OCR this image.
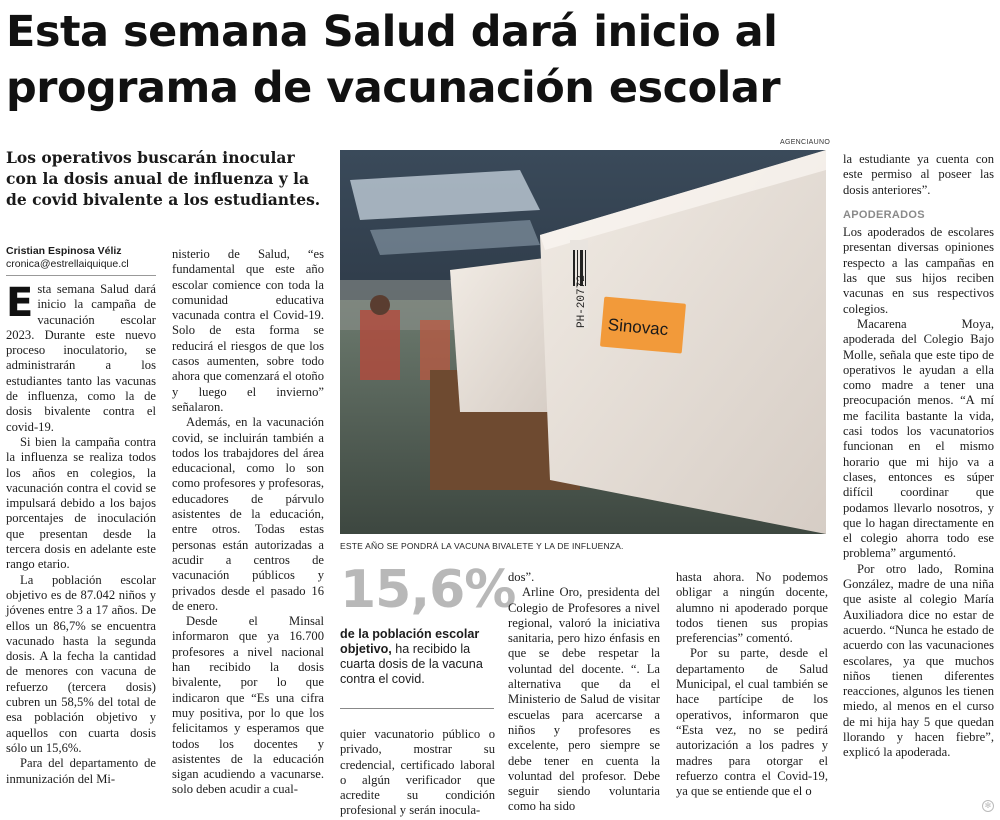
Esta semana Salud dará inicio al
programa de vacunación escolar

Los operativos buscarán inocular con la dosis anual de influenza y la de covid bivalente a los estudiantes.

Cristian Espinosa Véliz
cronica@estrellaiquique.cl

Esta semana Salud dará inicio la campaña de vacunación escolar 2023. Durante este nuevo proceso inoculatorio, se administrarán a los estudiantes tanto las vacunas de influenza, como la de dosis bivalente contra el covid-19.

Si bien la campaña contra la influenza se realiza todos los años en colegios, la vacunación contra el covid se impulsará debido a los bajos porcentajes de inoculación que presentan desde la tercera dosis en adelante este rango etario.

La población escolar objetivo es de 87.042 niños y jóvenes entre 3 a 17 años. De ellos un 86,7% se encuentra vacunado hasta la segunda dosis. A la fecha la cantidad de menores con vacuna de refuerzo (tercera dosis) cubren un 58,5% del total de esa población objetivo y aquellos con cuarta dosis sólo un 15,6%.

Para del departamento de inmunización del Mi-

nisterio de Salud, “es fundamental que este año escolar comience con toda la comunidad educativa vacunada contra el Covid-19. Solo de esta forma se reducirá el riesgos de que los casos aumenten, sobre todo ahora que comenzará el otoño y luego el invierno” señalaron.

Además, en la vacunación covid, se incluirán también a todos los trabajdores del área educacional, como lo son como profesores y profesoras, educadores de párvulo asistentes de la educación, entre otros. Todas estas personas están autorizadas a acudir a centros de vacunación públicos y privados desde el pasado 16 de enero.

Desde el Minsal informaron que ya 16.700 profesores a nivel nacional han recibido la dosis bivalente, por lo que indicaron que “Es una cifra muy positiva, por lo que los felicitamos y esperamos que todos los docentes y asistentes de la educación sigan acudiendo a vacunarse. solo deben acudir a cual-

AGENCIAUNO
PH-20772 Sinovac
ESTE AÑO SE PONDRÁ LA VACUNA BIVALETE Y LA DE INFLUENZA.
15,6%
de la población escolar objetivo, ha recibido la cuarta dosis de la vacuna contra el covid.

quier vacunatorio público o privado, mostrar su credencial, certificado laboral o algún verificador que acredite su condición profesional y serán inocula-

dos”.

Arline Oro, presidenta del Colegio de Profesores a nivel regional, valoró la iniciativa sanitaria, pero hizo énfasis en que se debe respetar la voluntad del docente. “. La alternativa que da el Ministerio de Salud de visitar escuelas para acercarse a niños y profesores es excelente, pero siempre se debe tener en cuenta la voluntad del profesor. Debe seguir siendo voluntaria como ha sido

hasta ahora. No podemos obligar a ningún docente, alumno ni apoderado porque todos tienen sus propias preferencias” comentó.

Por su parte, desde el departamento de Salud Municipal, el cual también se hace partícipe de los operativos, informaron que “Esta vez, no se pedirá autorización a los padres y madres para otorgar el refuerzo contra el Covid-19, ya que se entiende que el o

la estudiante ya cuenta con este permiso al poseer las dosis anteriores”.

APODERADOS

Los apoderados de escolares presentan diversas opiniones respecto a las campañas en las que sus hijos reciben vacunas en sus respectivos colegios.

Macarena Moya, apoderada del Colegio Bajo Molle, señala que este tipo de operativos le ayudan a ella como madre a tener una preocupación menos. “A mí me facilita bastante la vida, casi todos los vacunatorios funcionan en el mismo horario que mi hijo va a clases, entonces es súper difícil coordinar que podamos llevarlo nosotros, y que lo hagan directamente en el colegio ahorra todo ese problema” argumentó.

Por otro lado, Romina González, madre de una niña que asiste al colegio María Auxiliadora dice no estar de acuerdo. “Nunca he estado de acuerdo con las vacunaciones escolares, ya que muchos niños tienen diferentes reacciones, algunos les tienen miedo, al menos en el curso de mi hija hay 5 que quedan llorando y hacen fiebre”, explicó la apoderada.

✻
